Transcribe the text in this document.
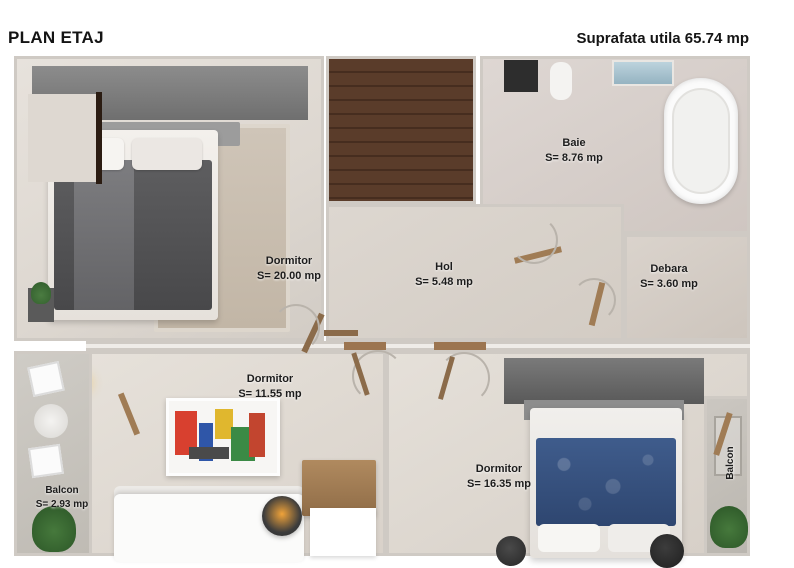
PLAN ETAJ	Suprafata utila 65.74 mp
Dormitor
S= 20.00 mp
Baie
S= 8.76 mp
Hol
S= 5.48 mp
Debara
S= 3.60 mp
Dormitor
S= 11.55 mp
Dormitor
S= 16.35 mp
Balcon
S= 2.93 mp
Balcon
